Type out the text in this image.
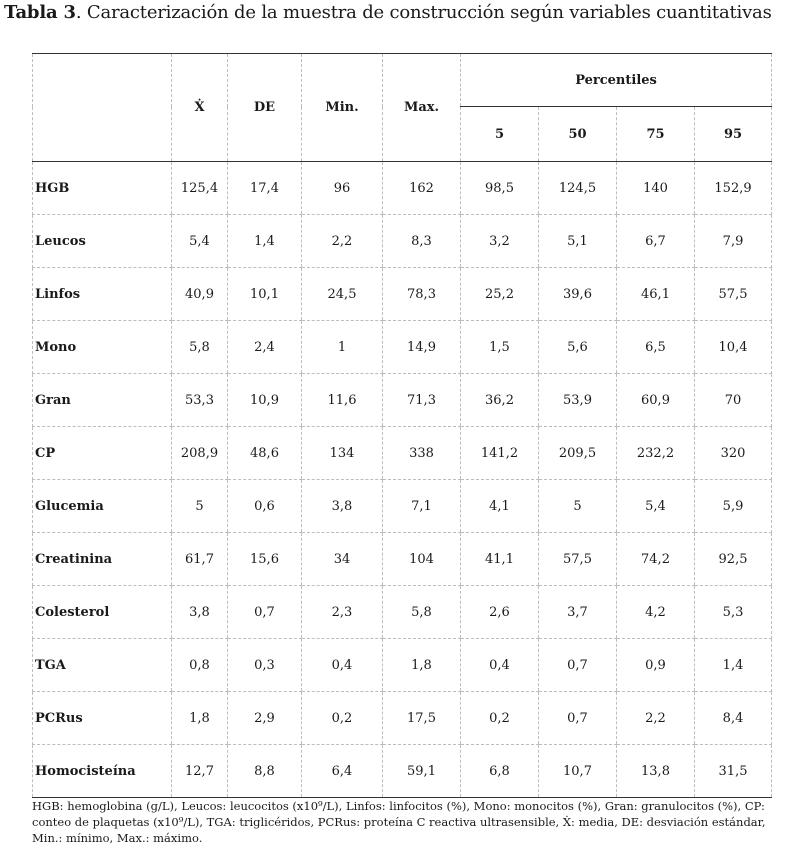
Tabla 3. Caracterización de la muestra de construcción según variables cuantitativas
	Ẋ	DE	Min.	Max.	Percentiles			
					5	50	75	95
HGB	125,4	17,4	96	162	98,5	124,5	140	152,9
Leucos	5,4	1,4	2,2	8,3	3,2	5,1	6,7	7,9
Linfos	40,9	10,1	24,5	78,3	25,2	39,6	46,1	57,5
Mono	5,8	2,4	1	14,9	1,5	5,6	6,5	10,4
Gran	53,3	10,9	11,6	71,3	36,2	53,9	60,9	70
CP	208,9	48,6	134	338	141,2	209,5	232,2	320
Glucemia	5	0,6	3,8	7,1	4,1	5	5,4	5,9
Creatinina	61,7	15,6	34	104	41,1	57,5	74,2	92,5
Colesterol	3,8	0,7	2,3	5,8	2,6	3,7	4,2	5,3
TGA	0,8	0,3	0,4	1,8	0,4	0,7	0,9	1,4
PCRus	1,8	2,9	0,2	17,5	0,2	0,7	2,2	8,4
Homocisteína	12,7	8,8	6,4	59,1	6,8	10,7	13,8	31,5
HGB: hemoglobina (g/L), Leucos: leucocitos (x10⁹/L), Linfos: linfocitos (%), Mono: monocitos (%), Gran: granulocitos (%), CP: conteo de plaquetas (x10⁹/L), TGA: triglicéridos, PCRus: proteína C reactiva ultrasensible, Ẋ: media, DE: desviación estándar, Min.: mínimo, Max.: máximo.
